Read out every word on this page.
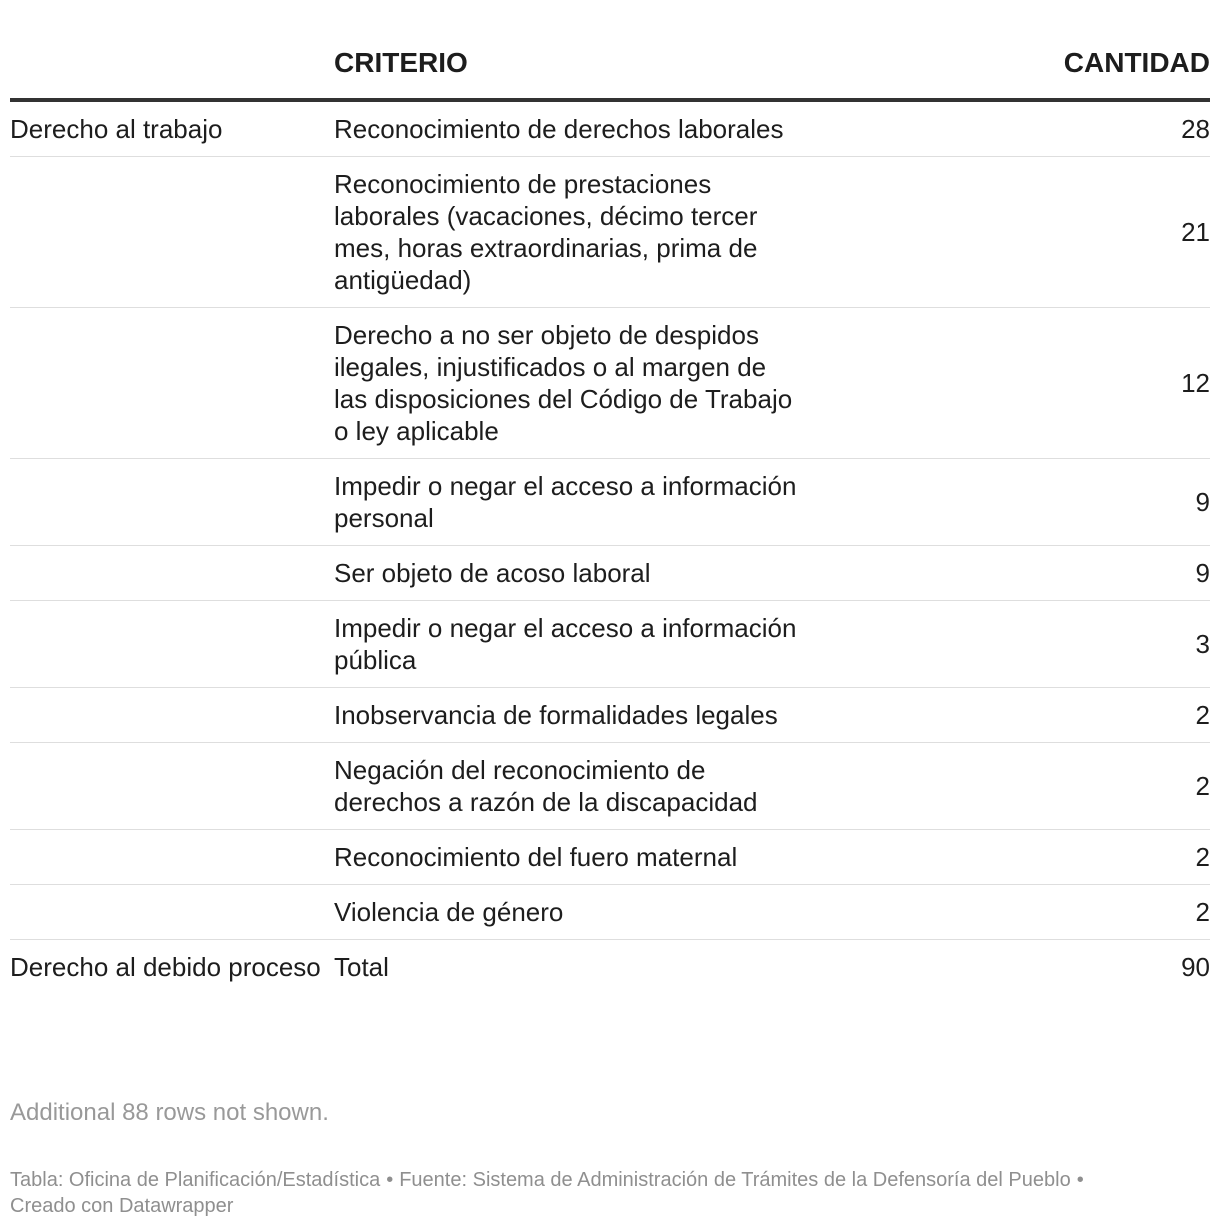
	CRITERIO	CANTIDAD
Derecho al trabajo	Reconocimiento de derechos laborales	28

	Reconocimiento de prestaciones laborales (vacaciones, décimo tercer mes, horas extraordinarias, prima de antigüedad)	21

	Derecho a no ser objeto de despidos ilegales, injustificados o al margen de las disposiciones del Código de Trabajo o ley aplicable	12

	Impedir o negar el acceso a información personal	9

	Ser objeto de acoso laboral	9

	Impedir o negar el acceso a información pública	3

	Inobservancia de formalidades legales	2

	Negación del reconocimiento de derechos a razón de la discapacidad	2

	Reconocimiento del fuero maternal	2

	Violencia de género	2
Derecho al debido proceso	Total	90
Additional 88 rows not shown.
Tabla: Oficina de Planificación/Estadística • Fuente: Sistema de Administración de Trámites de la Defensoría del Pueblo •
Creado con Datawrapper
